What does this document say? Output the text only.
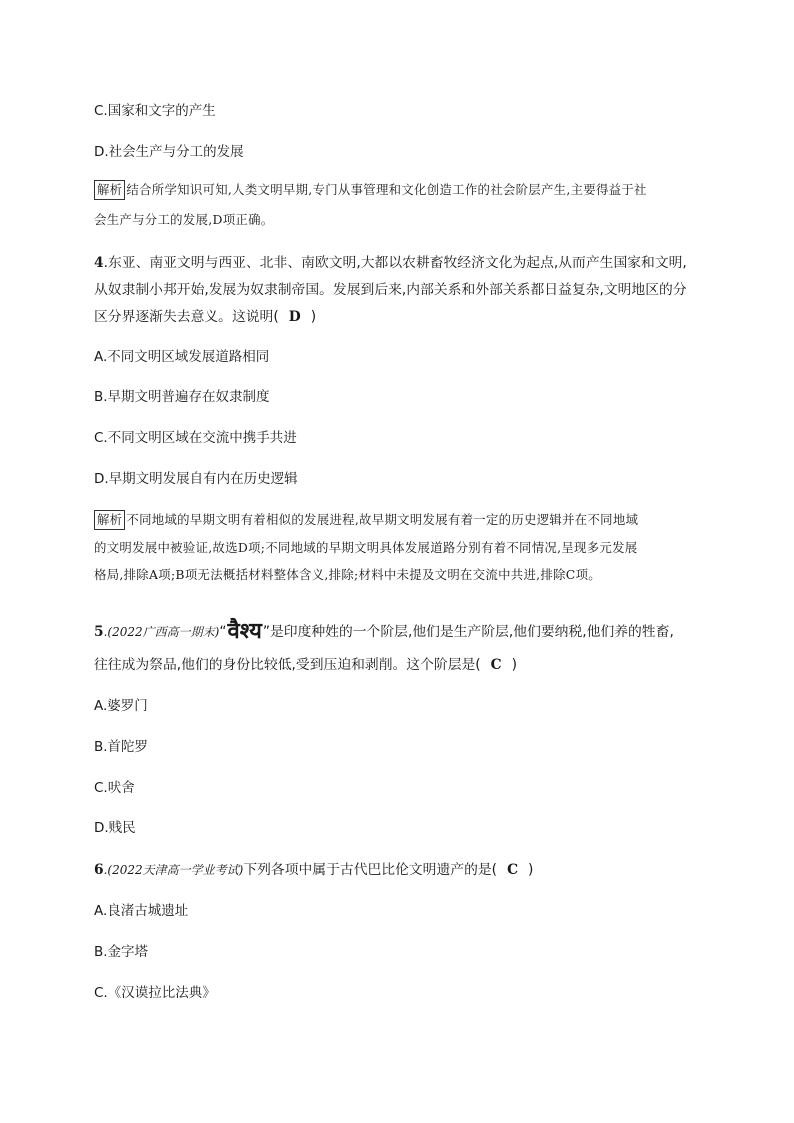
C.国家和文字的产生
D.社会生产与分工的发展
解析 结合所学知识可知,人类文明早期,专门从事管理和文化创造工作的社会阶层产生,主要得益于社
会生产与分工的发展,D项正确。
4.东亚、南亚文明与西亚、北非、南欧文明,大都以农耕畜牧经济文化为起点,从而产生国家和文明,
从奴隶制小邦开始,发展为奴隶制帝国。发展到后来,内部关系和外部关系都日益复杂,文明地区的分
区分界逐渐失去意义。这说明( D )
A.不同文明区域发展道路相同
B.早期文明普遍存在奴隶制度
C.不同文明区域在交流中携手共进
D.早期文明发展自有内在历史逻辑
解析 不同地域的早期文明有着相似的发展进程,故早期文明发展有着一定的历史逻辑并在不同地域
的文明发展中被验证,故选D项;不同地域的早期文明具体发展道路分别有着不同情况,呈现多元发展
格局,排除A项;B项无法概括材料整体含义,排除;材料中未提及文明在交流中共进,排除C项。
5.(2022广西高一期末)“वैश्य”是印度种姓的一个阶层,他们是生产阶层,他们要纳税,他们养的牲畜,
往往成为祭品,他们的身份比较低,受到压迫和剥削。这个阶层是( C )
A.婆罗门
B.首陀罗
C.吠舍
D.贱民
6.(2022天津高一学业考试)下列各项中属于古代巴比伦文明遗产的是( C )
A.良渚古城遗址
B.金字塔
C.《汉谟拉比法典》
